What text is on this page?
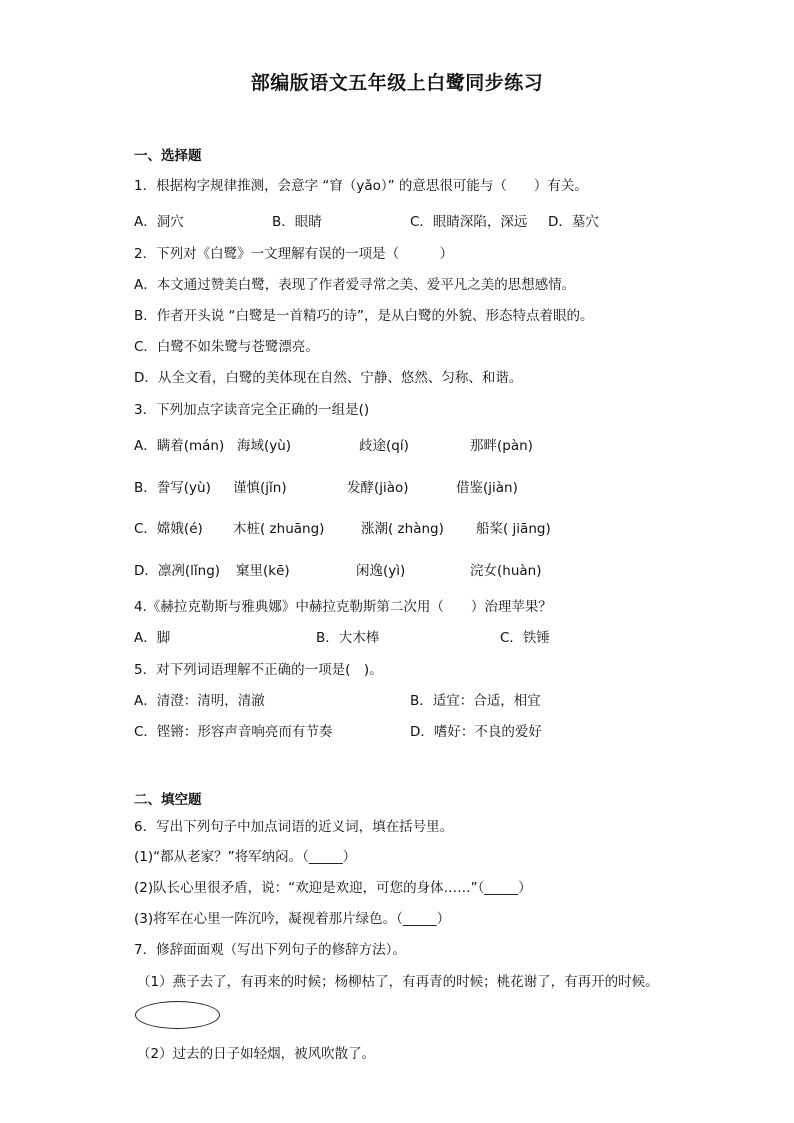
部编版语文五年级上白鹭同步练习
一、选择题
1．根据构字规律推测，会意字 “窅（yǎo）” 的意思很可能与（　　）有关。
A．洞穴	B．眼睛	C．眼睛深陷，深远 D．墓穴
2．下列对《白鹭》一文理解有误的一项是（　　　）
A．本文通过赞美白鹭，表现了作者爱寻常之美、爱平凡之美的思想感情。
B．作者开头说 “白鹭是一首精巧的诗”，是从白鹭的外貌、形态特点着眼的。
C．白鹭不如朱鹭与苍鹭漂亮。
D．从全文看，白鹭的美体现在自然、宁静、悠然、匀称、和谐。
3．下列加点字读音完全正确的一组是()
A．瞒着(mán) 海域(yù)	歧途(qí)	那畔(pàn)
B．誊写(yù) 谨慎(jǐn)	发酵(jiào)	借鉴(jiàn)
C．嫦娥(é) 木桩( zhuāng)	涨潮( zhàng) 船桨( jiāng)
D．凛冽(lǐng) 窠里(kē)	闲逸(yì)	浣女(huàn)
4.《赫拉克勒斯与雅典娜》中赫拉克勒斯第二次用（　　）治理苹果？
A．脚	B．大木棒	C．铁锤
5．对下列词语理解不正确的一项是(　)。
A．清澄：清明，清澈	B．适宜：合适，相宜
C．铿锵：形容声音响亮而有节奏	D．嗜好：不良的爱好
二、填空题
6．写出下列句子中加点词语的近义词，填在括号里。
(1)“都从老家？”将军纳闷。（_____）
(2)队长心里很矛盾，说：“欢迎是欢迎，可您的身体……”（_____）
(3)将军在心里一阵沉吟，凝视着那片绿色。（_____）
7．修辞面面观（写出下列句子的修辞方法）。
（1）燕子去了，有再来的时候；杨柳枯了，有再青的时候；桃花谢了，有再开的时候。
（2）过去的日子如轻烟，被风吹散了。
